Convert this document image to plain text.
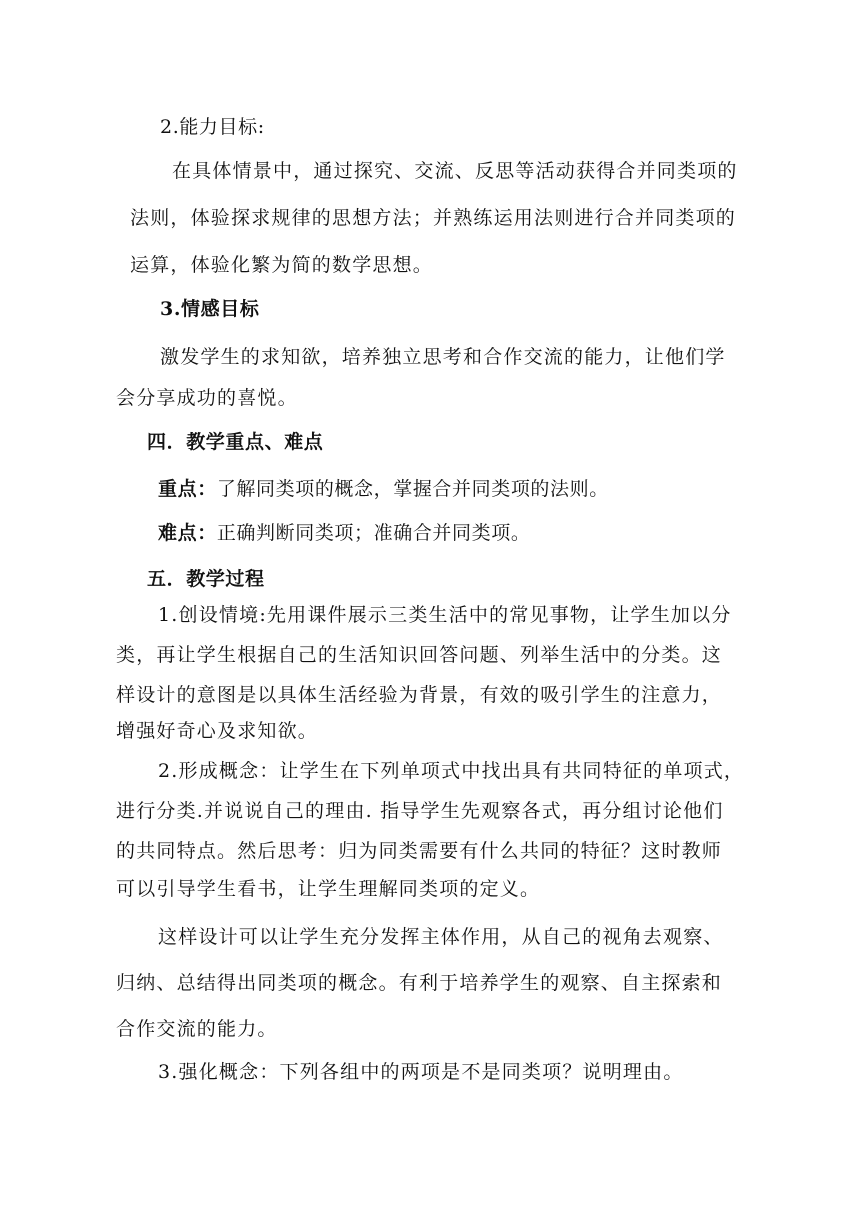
2.能力目标:
在具体情景中，通过探究、交流、反思等活动获得合并同类项的
法则，体验探求规律的思想方法；并熟练运用法则进行合并同类项的
运算，体验化繁为简的数学思想。
3.情感目标
激发学生的求知欲，培养独立思考和合作交流的能力，让他们学
会分享成功的喜悦。
四．教学重点、难点
重点：了解同类项的概念，掌握合并同类项的法则。
难点：正确判断同类项；准确合并同类项。
五．教学过程
1.创设情境:先用课件展示三类生活中的常见事物，让学生加以分
类，再让学生根据自己的生活知识回答问题、列举生活中的分类。这
样设计的意图是以具体生活经验为背景，有效的吸引学生的注意力，
增强好奇心及求知欲。
2.形成概念：让学生在下列单项式中找出具有共同特征的单项式，
进行分类.并说说自己的理由. 指导学生先观察各式，再分组讨论他们
的共同特点。然后思考：归为同类需要有什么共同的特征？这时教师
可以引导学生看书，让学生理解同类项的定义。
这样设计可以让学生充分发挥主体作用，从自己的视角去观察、
归纳、总结得出同类项的概念。有利于培养学生的观察、自主探索和
合作交流的能力。
3.强化概念：下列各组中的两项是不是同类项？说明理由。
